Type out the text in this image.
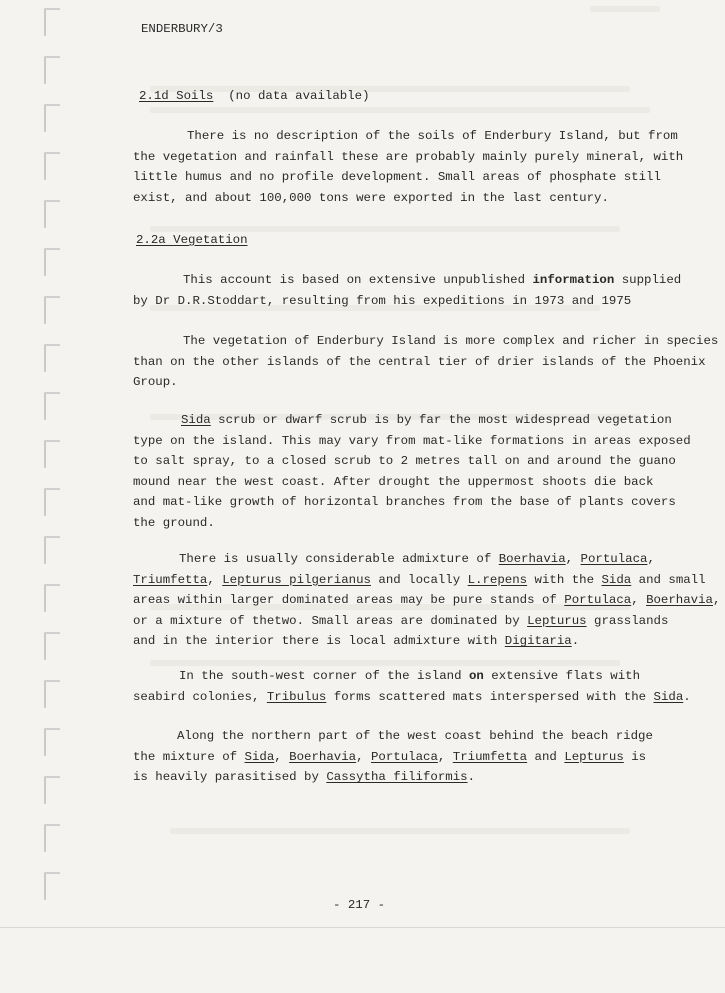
ENDERBURY/3
2.1d Soils (no data available)
There is no description of the soils of Enderbury Island, but from
the vegetation and rainfall these are probably mainly purely mineral, with
little humus and no profile development. Small areas of phosphate still
exist, and about 100,000 tons were exported in the last century.
2.2a Vegetation
This account is based on extensive unpublished information supplied
by Dr D.R.Stoddart, resulting from his expeditions in 1973 and 1975
The vegetation of Enderbury Island is more complex and richer in species
than on the other islands of the central tier of drier islands of the Phoenix
Group.
Sida scrub or dwarf scrub is by far the most widespread vegetation
type on the island. This may vary from mat-like formations in areas exposed
to salt spray, to a closed scrub to 2 metres tall on and around the guano
mound near the west coast. After drought the uppermost shoots die back
and mat-like growth of horizontal branches from the base of plants covers
the ground.
There is usually considerable admixture of Boerhavia, Portulaca,
Triumfetta, Lepturus pilgerianus and locally L.repens with the Sida and small
areas within larger dominated areas may be pure stands of Portulaca, Boerhavia,
or a mixture of thetwo. Small areas are dominated by Lepturus grasslands
and in the interior there is local admixture with Digitaria.
In the south-west corner of the island on extensive flats with
seabird colonies, Tribulus forms scattered mats interspersed with the Sida.
Along the northern part of the west coast behind the beach ridge
the mixture of Sida, Boerhavia, Portulaca, Triumfetta and Lepturus is
is heavily parasitised by Cassytha filiformis.
- 217 -
